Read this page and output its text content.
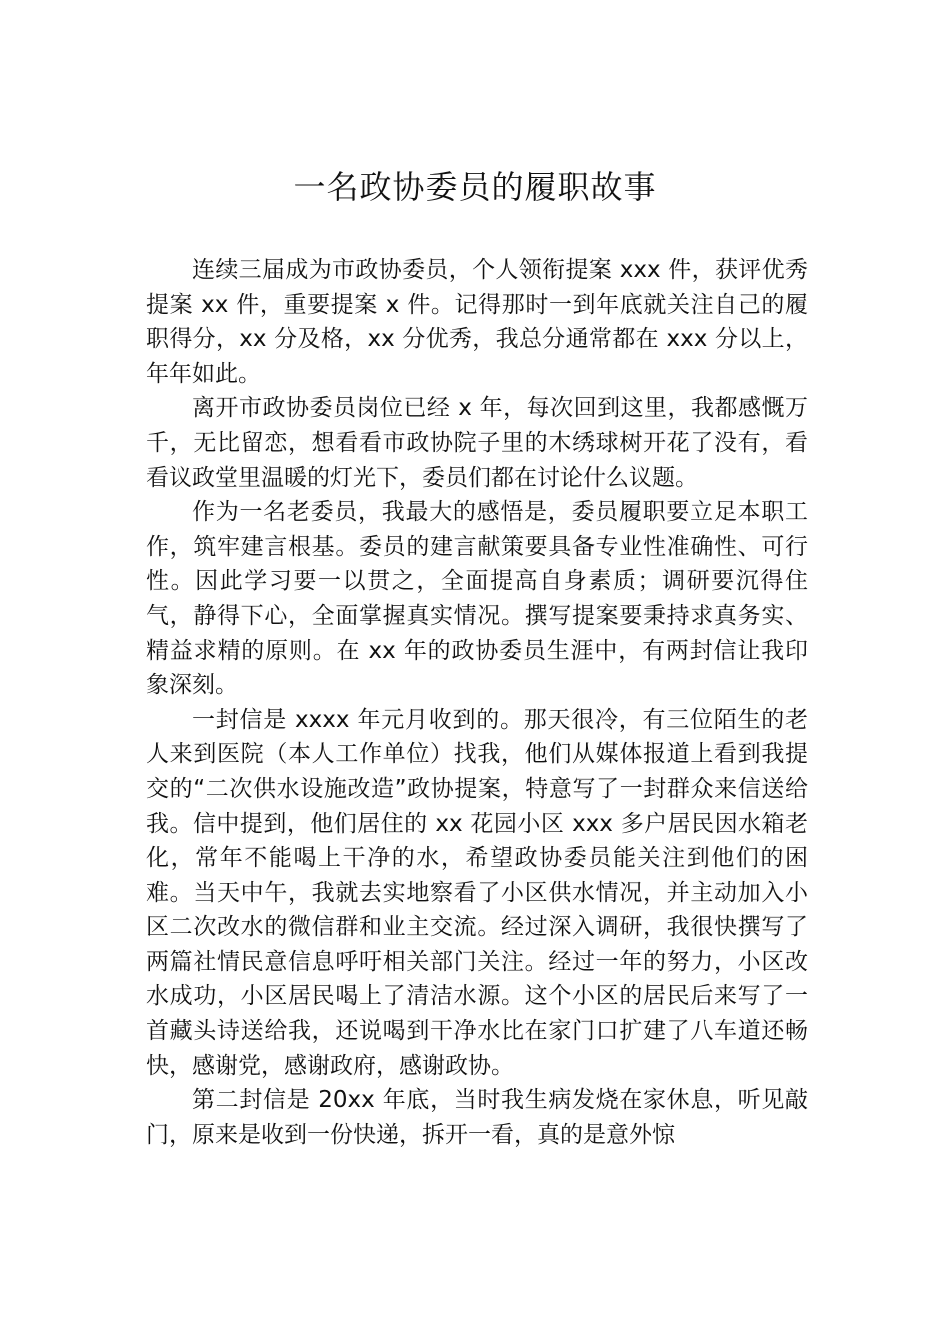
一名政协委员的履职故事

连续三届成为市政协委员，个人领衔提案 xxx 件，获评优秀提案 xx 件，重要提案 x 件。记得那时一到年底就关注自己的履职得分，xx 分及格，xx 分优秀，我总分通常都在 xxx 分以上，年年如此。

离开市政协委员岗位已经 x 年，每次回到这里，我都感慨万千，无比留恋，想看看市政协院子里的木绣球树开花了没有，看看议政堂里温暖的灯光下，委员们都在讨论什么议题。

作为一名老委员，我最大的感悟是，委员履职要立足本职工作，筑牢建言根基。委员的建言献策要具备专业性准确性、可行性。因此学习要一以贯之，全面提高自身素质；调研要沉得住气，静得下心，全面掌握真实情况。撰写提案要秉持求真务实、精益求精的原则。在 xx 年的政协委员生涯中，有两封信让我印象深刻。

一封信是 xxxx 年元月收到的。那天很冷，有三位陌生的老人来到医院（本人工作单位）找我，他们从媒体报道上看到我提交的“二次供水设施改造”政协提案，特意写了一封群众来信送给我。信中提到，他们居住的 xx 花园小区 xxx 多户居民因水箱老化，常年不能喝上干净的水，希望政协委员能关注到他们的困难。当天中午，我就去实地察看了小区供水情况，并主动加入小区二次改水的微信群和业主交流。经过深入调研，我很快撰写了两篇社情民意信息呼吁相关部门关注。经过一年的努力，小区改水成功，小区居民喝上了清洁水源。这个小区的居民后来写了一首藏头诗送给我，还说喝到干净水比在家门口扩建了八车道还畅快，感谢党，感谢政府，感谢政协。

第二封信是 20xx 年底，当时我生病发烧在家休息，听见敲门，原来是收到一份快递，拆开一看，真的是意外惊
